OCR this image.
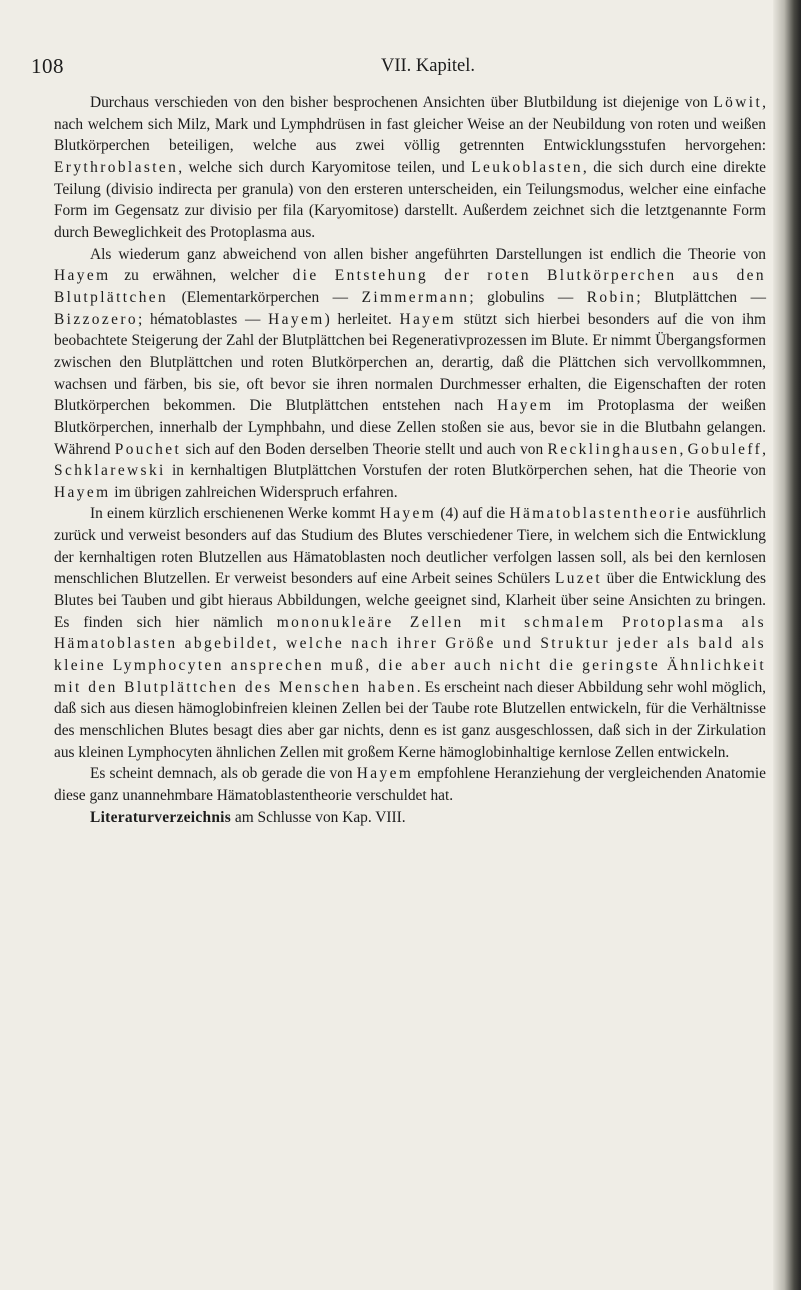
108	VII. Kapitel.

Durchaus verschieden von den bisher besprochenen Ansichten über Blutbildung ist diejenige von Löwit, nach welchem sich Milz, Mark und Lymphdrüsen in fast gleicher Weise an der Neubildung von roten und weißen Blutkörperchen beteiligen, welche aus zwei völlig getrennten Entwicklungsstufen hervorgehen: Erythroblasten, welche sich durch Karyomitose teilen, und Leukoblasten, die sich durch eine direkte Teilung (divisio indirecta per granula) von den ersteren unterscheiden, ein Teilungsmodus, welcher eine einfache Form im Gegensatz zur divisio per fila (Karyomitose) darstellt. Außerdem zeichnet sich die letztgenannte Form durch Beweglichkeit des Protoplasma aus.

Als wiederum ganz abweichend von allen bisher angeführten Darstellungen ist endlich die Theorie von Hayem zu erwähnen, welcher die Entstehung der roten Blutkörperchen aus den Blutplättchen (Elementarkörperchen — Zimmermann; globulins — Robin; Blutplättchen — Bizzozero; hématoblastes — Hayem) herleitet. Hayem stützt sich hierbei besonders auf die von ihm beobachtete Steigerung der Zahl der Blutplättchen bei Regenerativprozessen im Blute. Er nimmt Übergangsformen zwischen den Blutplättchen und roten Blutkörperchen an, derartig, daß die Plättchen sich vervollkommnen, wachsen und färben, bis sie, oft bevor sie ihren normalen Durchmesser erhalten, die Eigenschaften der roten Blutkörperchen bekommen. Die Blutplättchen entstehen nach Hayem im Protoplasma der weißen Blutkörperchen, innerhalb der Lymphbahn, und diese Zellen stoßen sie aus, bevor sie in die Blutbahn gelangen. Während Pouchet sich auf den Boden derselben Theorie stellt und auch von Recklinghausen, Gobuleff, Schklarewski in kernhaltigen Blutplättchen Vorstufen der roten Blutkörperchen sehen, hat die Theorie von Hayem im übrigen zahlreichen Widerspruch erfahren.

In einem kürzlich erschienenen Werke kommt Hayem (4) auf die Hämatoblastentheorie ausführlich zurück und verweist besonders auf das Studium des Blutes verschiedener Tiere, in welchem sich die Entwicklung der kernhaltigen roten Blutzellen aus Hämatoblasten noch deutlicher verfolgen lassen soll, als bei den kernlosen menschlichen Blutzellen. Er verweist besonders auf eine Arbeit seines Schülers Luzet über die Entwicklung des Blutes bei Tauben und gibt hieraus Abbildungen, welche geeignet sind, Klarheit über seine Ansichten zu bringen. Es finden sich hier nämlich mononukleäre Zellen mit schmalem Protoplasma als Hämatoblasten abgebildet, welche nach ihrer Größe und Struktur jeder als bald als kleine Lymphocyten ansprechen muß, die aber auch nicht die geringste Ähnlichkeit mit den Blutplättchen des Menschen haben. Es erscheint nach dieser Abbildung sehr wohl möglich, daß sich aus diesen hämoglobinfreien kleinen Zellen bei der Taube rote Blutzellen entwickeln, für die Verhältnisse des menschlichen Blutes besagt dies aber gar nichts, denn es ist ganz ausgeschlossen, daß sich in der Zirkulation aus kleinen Lymphocyten ähnlichen Zellen mit großem Kerne hämoglobinhaltige kernlose Zellen entwickeln.

Es scheint demnach, als ob gerade die von Hayem empfohlene Heranziehung der vergleichenden Anatomie diese ganz unannehmbare Hämatoblastentheorie verschuldet hat.

Literaturverzeichnis am Schlusse von Kap. VIII.
